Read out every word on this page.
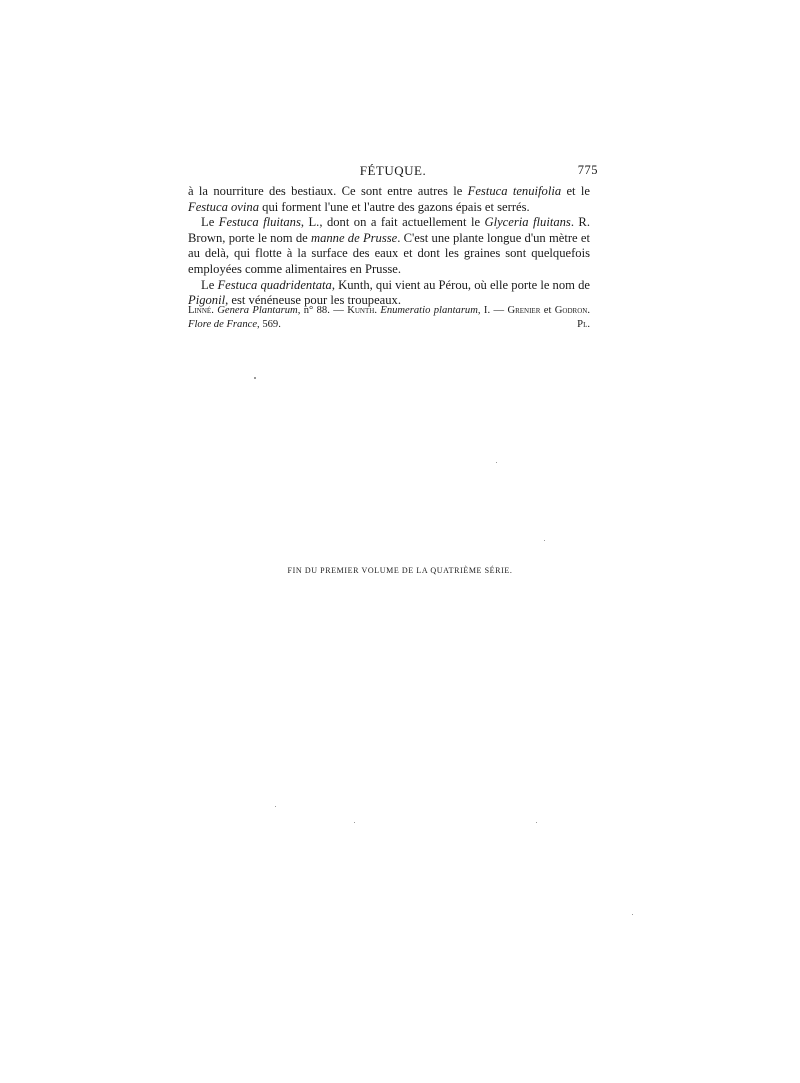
FÉTUQUE.	775

à la nourriture des bestiaux. Ce sont entre autres le Festuca tenuifolia et le Festuca ovina qui forment l'une et l'autre des gazons épais et serrés.

Le Festuca fluitans, L., dont on a fait actuellement le Glyceria fluitans. R. Brown, porte le nom de manne de Prusse. C'est une plante longue d'un mètre et au delà, qui flotte à la surface des eaux et dont les graines sont quelquefois employées comme alimentaires en Prusse.

Le Festuca quadridentata, Kunth, qui vient au Pérou, où elle porte le nom de Pigonil, est vénéneuse pour les troupeaux.

Linné. Genera Plantarum, n° 88. — Kunth. Enumeratio plantarum, I. — Grenier et Godron. Flore de France, 569.	Pl.
FIN DU PREMIER VOLUME DE LA QUATRIÈME SÉRIE.
